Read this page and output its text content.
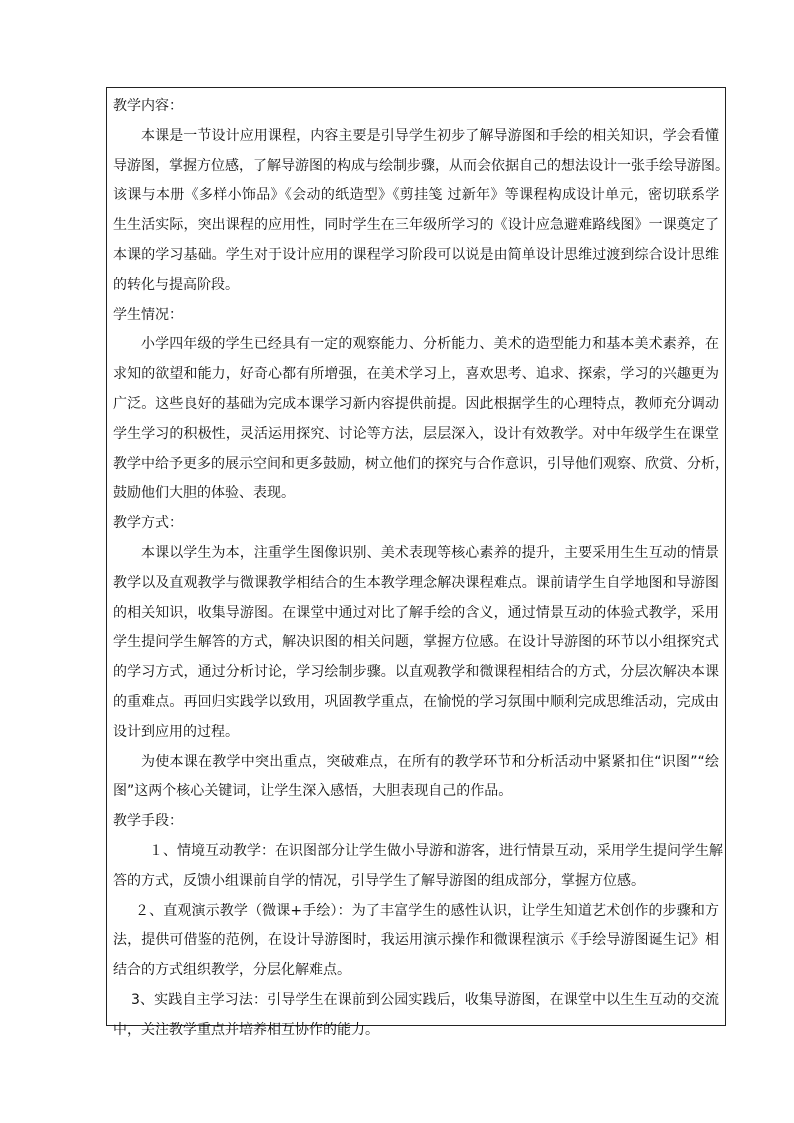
教学内容：
本课是一节设计应用课程，内容主要是引导学生初步了解导游图和手绘的相关知识，学会看懂
导游图，掌握方位感，了解导游图的构成与绘制步骤，从而会依据自己的想法设计一张手绘导游图。
该课与本册《多样小饰品》《会动的纸造型》《剪挂笺 过新年》等课程构成设计单元，密切联系学
生生活实际，突出课程的应用性，同时学生在三年级所学习的《设计应急避难路线图》一课奠定了
本课的学习基础。学生对于设计应用的课程学习阶段可以说是由简单设计思维过渡到综合设计思维
的转化与提高阶段。
学生情况：
小学四年级的学生已经具有一定的观察能力、分析能力、美术的造型能力和基本美术素养，在
求知的欲望和能力，好奇心都有所增强，在美术学习上，喜欢思考、追求、探索，学习的兴趣更为
广泛。这些良好的基础为完成本课学习新内容提供前提。因此根据学生的心理特点，教师充分调动
学生学习的积极性，灵活运用探究、讨论等方法，层层深入，设计有效教学。对中年级学生在课堂
教学中给予更多的展示空间和更多鼓励，树立他们的探究与合作意识，引导他们观察、欣赏、分析，
鼓励他们大胆的体验、表现。
教学方式：
本课以学生为本，注重学生图像识别、美术表现等核心素养的提升，主要采用生生互动的情景
教学以及直观教学与微课教学相结合的生本教学理念解决课程难点。课前请学生自学地图和导游图
的相关知识，收集导游图。在课堂中通过对比了解手绘的含义，通过情景互动的体验式教学，采用
学生提问学生解答的方式，解决识图的相关问题，掌握方位感。在设计导游图的环节以小组探究式
的学习方式，通过分析讨论，学习绘制步骤。以直观教学和微课程相结合的方式，分层次解决本课
的重难点。再回归实践学以致用，巩固教学重点，在愉悦的学习氛围中顺利完成思维活动，完成由
设计到应用的过程。
为使本课在教学中突出重点，突破难点，在所有的教学环节和分析活动中紧紧扣住“识图”“绘
图”这两个核心关键词，让学生深入感悟，大胆表现自己的作品。
教学手段：
１、情境互动教学：在识图部分让学生做小导游和游客，进行情景互动，采用学生提问学生解
答的方式，反馈小组课前自学的情况，引导学生了解导游图的组成部分，掌握方位感。
２、直观演示教学（微课+手绘）：为了丰富学生的感性认识，让学生知道艺术创作的步骤和方
法，提供可借鉴的范例，在设计导游图时，我运用演示操作和微课程演示《手绘导游图诞生记》相
结合的方式组织教学，分层化解难点。
3、实践自主学习法：引导学生在课前到公园实践后，收集导游图，在课堂中以生生互动的交流
中，关注教学重点并培养相互协作的能力。
